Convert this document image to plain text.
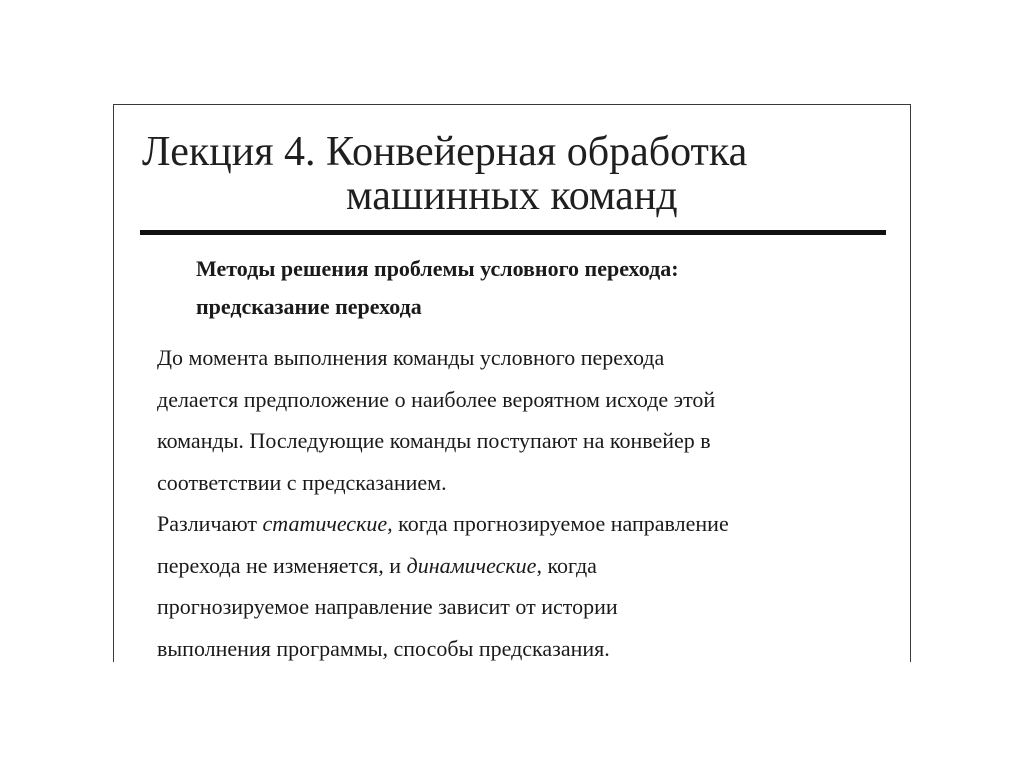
Лекция 4. Конвейерная обработка
машинных команд
Методы решения проблемы условного перехода:
предсказание перехода
До момента выполнения команды условного перехода
делается предположение о наиболее вероятном исходе этой
команды. Последующие команды поступают на конвейер в
соответствии с предсказанием.
Различают статические, когда прогнозируемое направление
перехода не изменяется, и динамические, когда
прогнозируемое направление зависит от истории
выполнения программы, способы предсказания.
